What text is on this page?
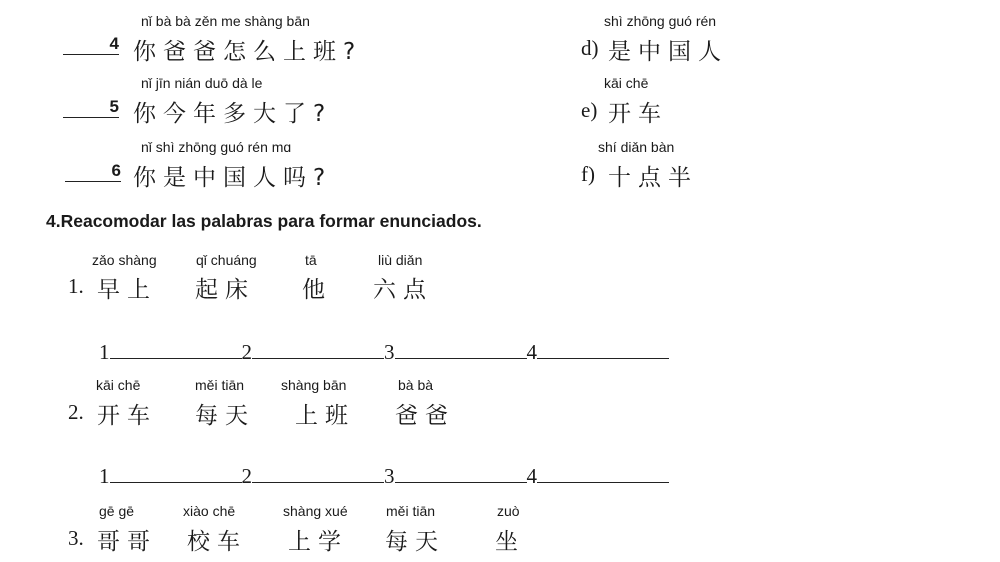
nǐ bà bà zěn me shàng bān
4 你爸爸怎么上班?
shì zhōng guó rén
d) 是中国人
nǐ jīn nián duō dà le
5 你今年多大了?
kāi chē
e) 开车
nǐ shì zhōng guó rén mɑ
6 你是中国人吗?
shí diǎn bàn
f) 十点半
4.Reacomodar las palabras para formar enunciados.
zǎo shàng	qǐ chuáng	tā	liù diǎn
1. 早上 起床 他 六点
1	2	3	4
kāi chē	měi tiān	shàng bān	bà bà
2. 开车 每天 上班 爸爸
1	2	3	4
gē gē	xiào chē	shàng xué	měi tiān	zuò
3. 哥哥 校车 上学 每天 坐
